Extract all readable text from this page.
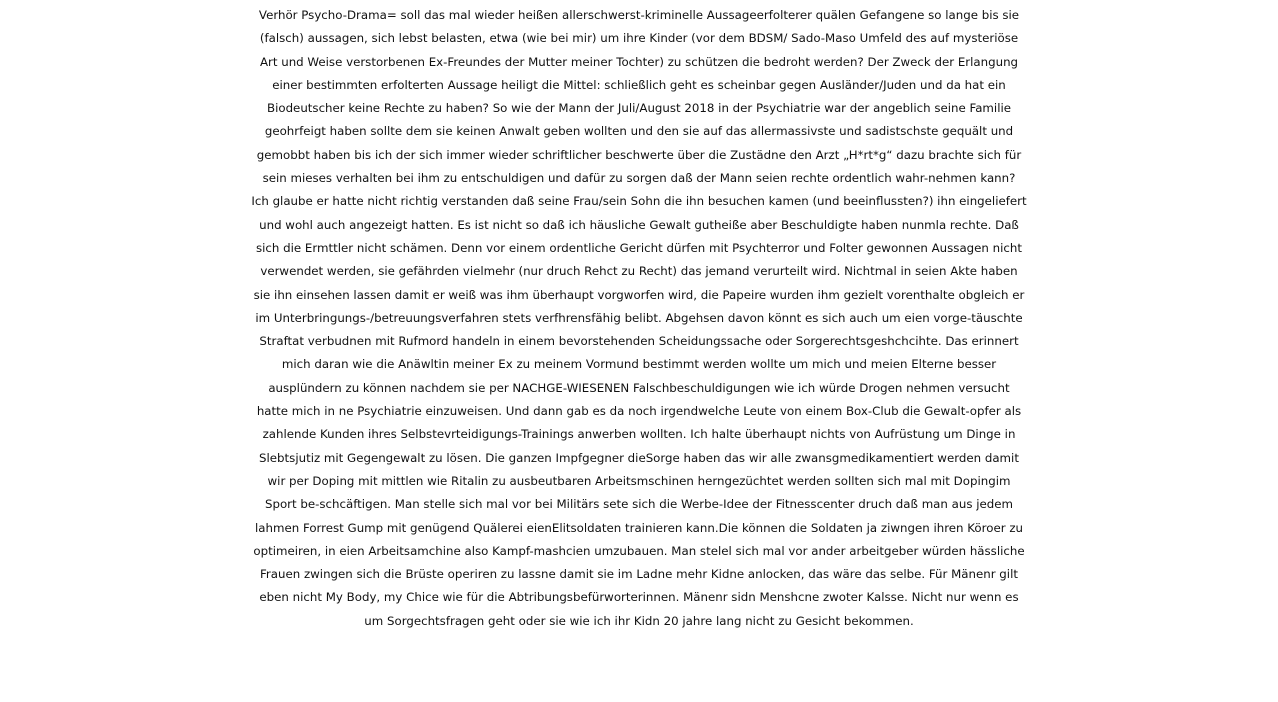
Verhör Psycho-Drama= soll das mal wieder heißen allerschwerst-kriminelle Aussageerfolterer quälen Gefangene so lange bis sie
(falsch) aussagen, sich lebst belasten, etwa (wie bei mir) um ihre Kinder (vor dem BDSM/ Sado-Maso Umfeld des auf mysteriöse
Art und Weise verstorbenen Ex-Freundes der Mutter meiner Tochter) zu schützen die bedroht werden? Der Zweck der Erlangung
einer bestimmten erfolterten Aussage heiligt die Mittel: schließlich geht es scheinbar gegen Ausländer/Juden und da hat ein
Biodeutscher keine Rechte zu haben? So wie der Mann der Juli/August 2018 in der Psychiatrie war der angeblich seine Familie
geohrfeigt haben sollte dem sie keinen Anwalt geben wollten und den sie auf das allermassivste und sadistschste gequält und
gemobbt haben bis ich der sich immer wieder schriftlicher beschwerte über die Zustädne den Arzt „H*rt*g“ dazu brachte sich für
sein mieses verhalten bei ihm zu entschuldigen und dafür zu sorgen daß der Mann seien rechte ordentlich wahr-nehmen kann?
Ich glaube er hatte nicht richtig verstanden daß seine Frau/sein Sohn die ihn besuchen kamen (und beeinflussten?) ihn eingeliefert
und wohl auch angezeigt hatten. Es ist nicht so daß ich häusliche Gewalt gutheiße aber Beschuldigte haben nunmla rechte. Daß
sich die Ermttler nicht schämen. Denn vor einem ordentliche Gericht dürfen mit Psychterror und Folter gewonnen Aussagen nicht
verwendet werden, sie gefährden vielmehr (nur druch Rehct zu Recht) das jemand verurteilt wird. Nichtmal in seien Akte haben
sie ihn einsehen lassen damit er weiß was ihm überhaupt vorgworfen wird, die Papeire wurden ihm gezielt vorenthalte obgleich er
im Unterbringungs-/betreuungsverfahren stets verfhrensfähig belibt. Abgehsen davon könnt es sich auch um eien vorge-täuschte
Straftat verbudnen mit Rufmord handeln in einem bevorstehenden Scheidungssache oder Sorgerechtsgeshchcihte. Das erinnert
mich daran wie die Anäwltin meiner Ex zu meinem Vormund bestimmt werden wollte um mich und meien Elterne besser
ausplündern zu können nachdem sie per NACHGE-WIESENEN Falschbeschuldigungen wie ich würde Drogen nehmen versucht
hatte mich in ne Psychiatrie einzuweisen. Und dann gab es da noch irgendwelche Leute von einem Box-Club die Gewalt-opfer als
zahlende Kunden ihres Selbstevrteidigungs-Trainings anwerben wollten. Ich halte überhaupt nichts von Aufrüstung um Dinge in
Slebtsjutiz mit Gegengewalt zu lösen. Die ganzen Impfgegner dieSorge haben das wir alle zwansgmedikamentiert werden damit
wir per Doping mit mittlen wie Ritalin zu ausbeutbaren Arbeitsmschinen herngezüchtet werden sollten sich mal mit Dopingim
Sport be-schcäftigen. Man stelle sich mal vor bei Militärs sete sich die Werbe-Idee der Fitnesscenter druch daß man aus jedem
lahmen Forrest Gump mit genügend Quälerei eienElitsoldaten trainieren kann.Die können die Soldaten ja ziwngen ihren Köroer zu
optimeiren, in eien Arbeitsamchine also Kampf-mashcien umzubauen. Man stelel sich mal vor ander arbeitgeber würden hässliche
Frauen zwingen sich die Brüste operiren zu lassne damit sie im Ladne mehr Kidne anlocken, das wäre das selbe. Für Mänenr gilt
eben nicht My Body, my Chice wie für die Abtribungsbefürworterinnen. Mänenr sidn Menshcne zwoter Kalsse. Nicht nur wenn es
um Sorgechtsfragen geht oder sie wie ich ihr Kidn 20 jahre lang nicht zu Gesicht bekommen.
